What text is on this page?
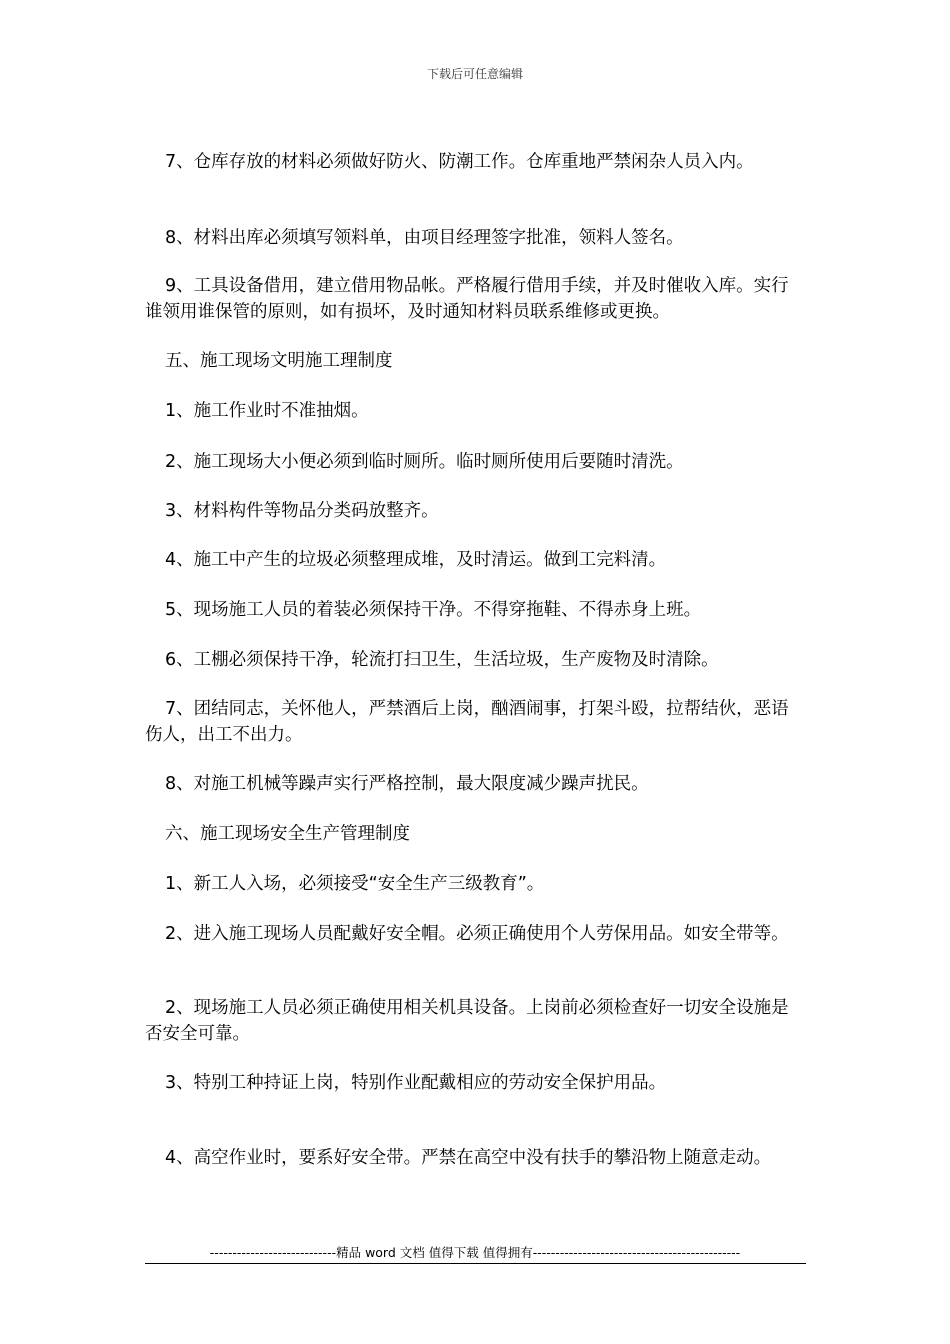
下载后可任意编辑

7、仓库存放的材料必须做好防火、防潮工作。仓库重地严禁闲杂人员入内。

8、材料出库必须填写领料单，由项目经理签字批准，领料人签名。

9、工具设备借用，建立借用物品帐。严格履行借用手续，并及时催收入库。实行谁领用谁保管的原则，如有损坏，及时通知材料员联系维修或更换。

五、施工现场文明施工理制度

1、施工作业时不准抽烟。

2、施工现场大小便必须到临时厕所。临时厕所使用后要随时清洗。

3、材料构件等物品分类码放整齐。

4、施工中产生的垃圾必须整理成堆，及时清运。做到工完料清。

5、现场施工人员的着装必须保持干净。不得穿拖鞋、不得赤身上班。

6、工棚必须保持干净，轮流打扫卫生，生活垃圾，生产废物及时清除。

7、团结同志，关怀他人，严禁酒后上岗，酗酒闹事，打架斗殴，拉帮结伙，恶语伤人，出工不出力。

8、对施工机械等躁声实行严格控制，最大限度减少躁声扰民。

六、施工现场安全生产管理制度

1、新工人入场，必须接受“安全生产三级教育”。

2、进入施工现场人员配戴好安全帽。必须正确使用个人劳保用品。如安全带等。

2、现场施工人员必须正确使用相关机具设备。上岗前必须检查好一切安全设施是否安全可靠。

3、特别工种持证上岗，特别作业配戴相应的劳动安全保护用品。

4、高空作业时，要系好安全带。严禁在高空中没有扶手的攀沿物上随意走动。

----------------------------精品 word 文档 值得下载 值得拥有----------------------------------------------
